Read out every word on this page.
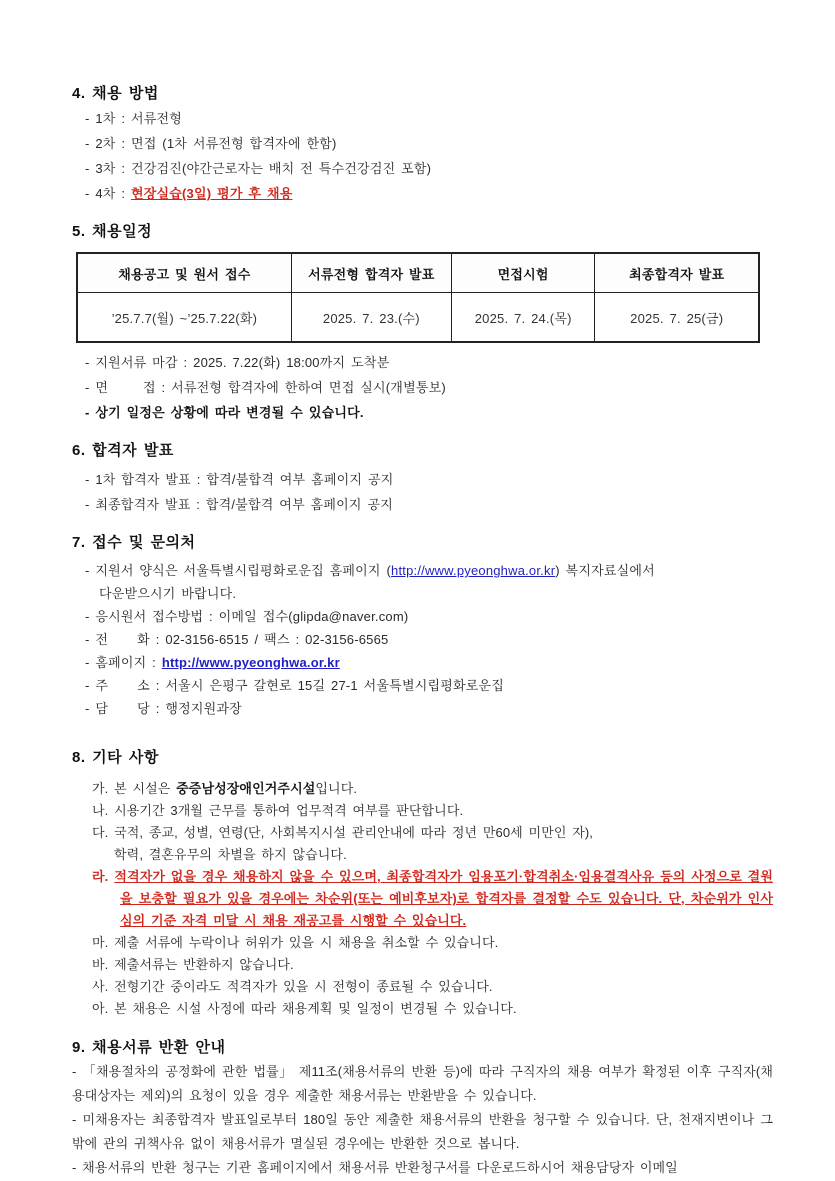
4. 채용 방법
- 1차 : 서류전형
- 2차 : 면접 (1차 서류전형 합격자에 한함)
- 3차 : 건강검진(야간근로자는 배치 전 특수건강검진 포함)
- 4차 : 현장실습(3일) 평가 후 채용
5. 채용일정
채용공고 및 원서 접수	서류전형 합격자 발표	면접시험	최종합격자 발표
’25.7.7(월) ~’25.7.22(화)	2025. 7. 23.(수)	2025. 7. 24.(목)	2025. 7. 25(금)
- 지원서류 마감 : 2025. 7.22(화) 18:00까지 도착분
- 면      접 : 서류전형 합격자에 한하여 면접 실시(개별통보)
- 상기 일정은 상황에 따라 변경될 수 있습니다.
6. 합격자 발표
- 1차 합격자 발표 : 합격/불합격 여부 홈페이지 공지
- 최종합격자 발표 : 합격/불합격 여부 홈페이지 공지
7. 접수 및 문의처
- 지원서 양식은 서울특별시립평화로운집 홈페이지 (http://www.pyeonghwa.or.kr) 복지자료실에서
다운받으시기 바랍니다.
- 응시원서 접수방법 : 이메일 접수(glipda@naver.com)
- 전     화 : 02-3156-6515 / 팩스 : 02-3156-6565
- 홈페이지 : http://www.pyeonghwa.or.kr
- 주     소 : 서울시 은평구 갈현로 15길 27-1 서울특별시립평화로운집
- 담     당 : 행정지원과장
8. 기타 사항
가. 본 시설은 중증남성장애인거주시설입니다.
나. 시용기간 3개월 근무를 통하여 업무적격 여부를 판단합니다.
다. 국적, 종교, 성별, 연령(단, 사회복지시설 관리안내에 따라 정년 만60세 미만인 자),
학력, 결혼유무의 차별을 하지 않습니다.
라. 적격자가 없을 경우 채용하지 않을 수 있으며, 최종합격자가 임용포기·합격취소·임용결격사유 등의 사정으로 결원을 보충할 필요가 있을 경우에는 차순위(또는 예비후보자)로 합격자를 결정할 수도 있습니다. 단, 차순위가 인사심의 기준 자격 미달 시 채용 재공고를 시행할 수 있습니다.
마. 제출 서류에 누락이나 허위가 있을 시 채용을 취소할 수 있습니다.
바. 제출서류는 반환하지 않습니다.
사. 전형기간 중이라도 적격자가 있을 시 전형이 종료될 수 있습니다.
아. 본 채용은 시설 사정에 따라 채용계획 및 일정이 변경될 수 있습니다.
9. 채용서류 반환 안내
- 「채용절차의 공정화에 관한 법률」 제11조(채용서류의 반환 등)에 따라 구직자의 채용 여부가 확정된 이후 구직자(채용대상자는 제외)의 요청이 있을 경우 제출한 채용서류는 반환받을 수 있습니다.
- 미채용자는 최종합격자 발표일로부터 180일 동안 제출한 채용서류의 반환을 청구할 수 있습니다. 단, 천재지변이나 그 밖에 관의 귀책사유 없이 채용서류가 멸실된 경우에는 반환한 것으로 봅니다.
- 채용서류의 반환 청구는 기관 홈페이지에서 채용서류 반환청구서를 다운로드하시어 채용담당자 이메일
